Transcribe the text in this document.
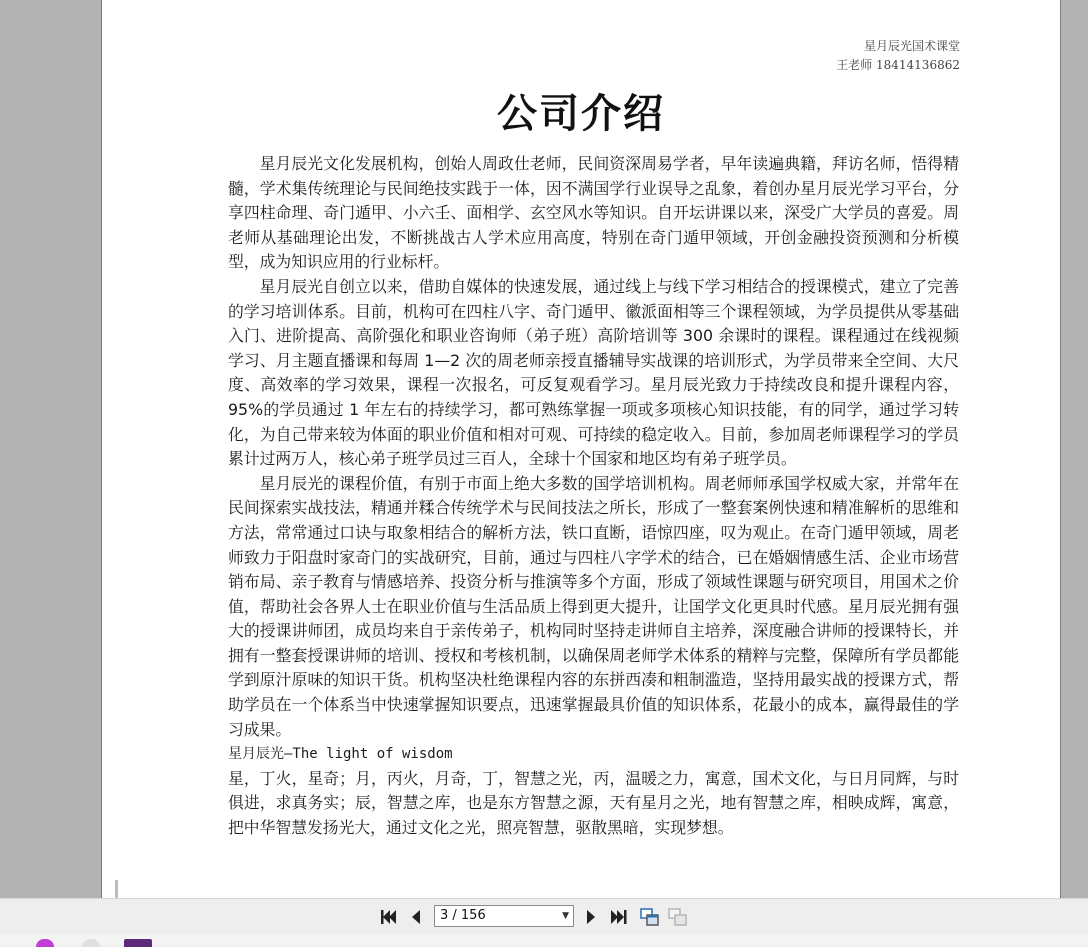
星月辰光国术课堂
王老师 18414136862
公司介绍

星月辰光文化发展机构，创始人周政仕老师，民间资深周易学者，早年读遍典籍，拜访名师，悟得精髓，学术集传统理论与民间绝技实践于一体，因不满国学行业误导之乱象，着创办星月辰光学习平台，分享四柱命理、奇门遁甲、小六壬、面相学、玄空风水等知识。自开坛讲课以来，深受广大学员的喜爱。周老师从基础理论出发，不断挑战古人学术应用高度，特别在奇门遁甲领域，开创金融投资预测和分析模型，成为知识应用的行业标杆。

星月辰光自创立以来，借助自媒体的快速发展，通过线上与线下学习相结合的授课模式，建立了完善的学习培训体系。目前，机构可在四柱八字、奇门遁甲、徽派面相等三个课程领域，为学员提供从零基础入门、进阶提高、高阶强化和职业咨询师（弟子班）高阶培训等 300 余课时的课程。课程通过在线视频学习、月主题直播课和每周 1—2 次的周老师亲授直播辅导实战课的培训形式，为学员带来全空间、大尺度、高效率的学习效果，课程一次报名，可反复观看学习。星月辰光致力于持续改良和提升课程内容，95%的学员通过 1 年左右的持续学习，都可熟练掌握一项或多项核心知识技能，有的同学，通过学习转化，为自己带来较为体面的职业价值和相对可观、可持续的稳定收入。目前，参加周老师课程学习的学员累计过两万人，核心弟子班学员过三百人，全球十个国家和地区均有弟子班学员。

星月辰光的课程价值，有别于市面上绝大多数的国学培训机构。周老师师承国学权威大家，并常年在民间探索实战技法，精通并糅合传统学术与民间技法之所长，形成了一整套案例快速和精准解析的思维和方法，常常通过口诀与取象相结合的解析方法，铁口直断，语惊四座，叹为观止。在奇门遁甲领域，周老师致力于阳盘时家奇门的实战研究，目前，通过与四柱八字学术的结合，已在婚姻情感生活、企业市场营销布局、亲子教育与情感培养、投资分析与推演等多个方面，形成了领域性课题与研究项目，用国术之价值，帮助社会各界人士在职业价值与生活品质上得到更大提升，让国学文化更具时代感。星月辰光拥有强大的授课讲师团，成员均来自于亲传弟子，机构同时坚持走讲师自主培养，深度融合讲师的授课特长，并拥有一整套授课讲师的培训、授权和考核机制，以确保周老师学术体系的精粹与完整，保障所有学员都能学到原汁原味的知识干货。机构坚决杜绝课程内容的东拼西凑和粗制滥造，坚持用最实战的授课方式，帮助学员在一个体系当中快速掌握知识要点，迅速掌握最具价值的知识体系，花最小的成本，赢得最佳的学习成果。

星月辰光—The light of wisdom

星，丁火，星奇；月，丙火，月奇，丁，智慧之光，丙，温暖之力，寓意，国术文化，与日月同辉，与时俱进，求真务实；辰，智慧之库，也是东方智慧之源，天有星月之光，地有智慧之库，相映成辉，寓意，把中华智慧发扬光大，通过文化之光，照亮智慧，驱散黑暗，实现梦想。

3 / 156	▼
